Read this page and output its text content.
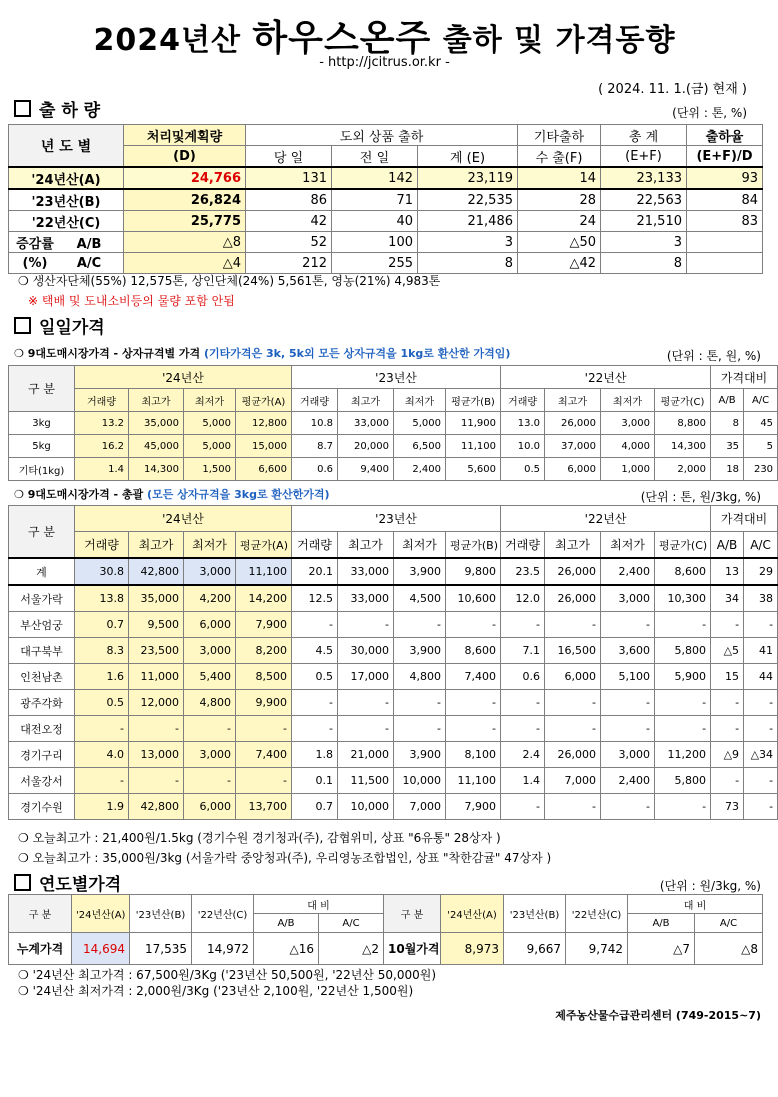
2024년산 하우스온주 출하 및 가격동향
- http://jcitrus.or.kr -
( 2024. 11. 1.(금) 현재 )
출 하 량	(단위 : 톤, %)
년 도 별	처리및계획량	도외 상품 출하			기타출하	총 계	출하율
	(D)	당 일	전 일	계 (E)	수 출(F)	(E+F)	(E+F)/D
'24년산(A)	24,766	131	142	23,119	14	23,133	93
'23년산(B)	26,824	86	71	22,535	28	22,563	84
'22년산(C)	25,775	42	40	21,486	24	21,510	83
증감률 A/B	△8	52	100	3	△50	3	
(%) A/C	△4	212	255	8	△42	8	
❍ 생산자단체(55%) 12,575톤, 상인단체(24%) 5,561톤, 영농(21%) 4,983톤
※ 택배 및 도내소비등의 물량 포함 안됨
일일가격
❍ 9대도매시장가격 - 상자규격별 가격 (기타가격은 3k, 5k외 모든 상자규격을 1kg로 환산한 가격임)	(단위 : 톤, 원, %)
구 분	'24년산				'23년산				'22년산				가격대비	
	거래량	최고가	최저가	평균가(A)	거래량	최고가	최저가	평균가(B)	거래량	최고가	최저가	평균가(C)	A/B	A/C
3kg	13.2	35,000	5,000	12,800	10.8	33,000	5,000	11,900	13.0	26,000	3,000	8,800	8	45
5kg	16.2	45,000	5,000	15,000	8.7	20,000	6,500	11,100	10.0	37,000	4,000	14,300	35	5
기타(1kg)	1.4	14,300	1,500	6,600	0.6	9,400	2,400	5,600	0.5	6,000	1,000	2,000	18	230
❍ 9대도매시장가격 - 총괄 (모든 상자규격을 3kg로 환산한가격)	(단위 : 톤, 원/3kg, %)
구 분	'24년산				'23년산				'22년산				가격대비	
	거래량	최고가	최저가	평균가(A)	거래량	최고가	최저가	평균가(B)	거래량	최고가	최저가	평균가(C)	A/B	A/C
계	30.8	42,800	3,000	11,100	20.1	33,000	3,900	9,800	23.5	26,000	2,400	8,600	13	29
서울가락	13.8	35,000	4,200	14,200	12.5	33,000	4,500	10,600	12.0	26,000	3,000	10,300	34	38
부산엄궁	0.7	9,500	6,000	7,900	-	-	-	-	-	-	-	-	-	-
대구북부	8.3	23,500	3,000	8,200	4.5	30,000	3,900	8,600	7.1	16,500	3,600	5,800	△5	41
인천남촌	1.6	11,000	5,400	8,500	0.5	17,000	4,800	7,400	0.6	6,000	5,100	5,900	15	44
광주각화	0.5	12,000	4,800	9,900	-	-	-	-	-	-	-	-	-	-
대전오정	-	-	-	-	-	-	-	-	-	-	-	-	-	-
경기구리	4.0	13,000	3,000	7,400	1.8	21,000	3,900	8,100	2.4	26,000	3,000	11,200	△9	△34
서울강서	-	-	-	-	0.1	11,500	10,000	11,100	1.4	7,000	2,400	5,800	-	-
경기수원	1.9	42,800	6,000	13,700	0.7	10,000	7,000	7,900	-	-	-	-	73	-
❍ 오늘최고가 : 21,400원/1.5kg (경기수원 경기청과(주), 감협위미, 상표 "6유통" 28상자 )
❍ 오늘최고가 : 35,000원/3kg (서울가락 중앙청과(주), 우리영농조합법인, 상표 "착한감귤" 47상자 )
연도별가격	(단위 : 원/3kg, %)
구 분	'24년산(A)	'23년산(B)	'22년산(C)	대 비		구 분	'24년산(A)	'23년산(B)	'22년산(C)	대 비	
				A/B	A/C					A/B	A/C
누계가격	14,694	17,535	14,972	△16	△2	10월가격	8,973	9,667	9,742	△7	△8
❍ '24년산 최고가격 : 67,500원/3Kg ('23년산 50,500원, '22년산 50,000원)
❍ '24년산 최저가격 : 2,000원/3Kg ('23년산 2,100원, '22년산 1,500원)
제주농산물수급관리센터 (749-2015~7)
